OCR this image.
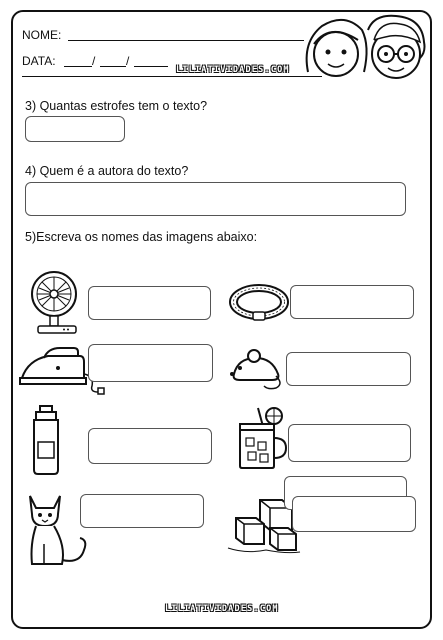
NOME:
DATA:	/	/
LILIATIVIDADES.COM
3) Quantas estrofes tem o texto?
4) Quem é a autora do texto?
5)Escreva os nomes das imagens abaixo:
LILIATIVIDADES.COM
